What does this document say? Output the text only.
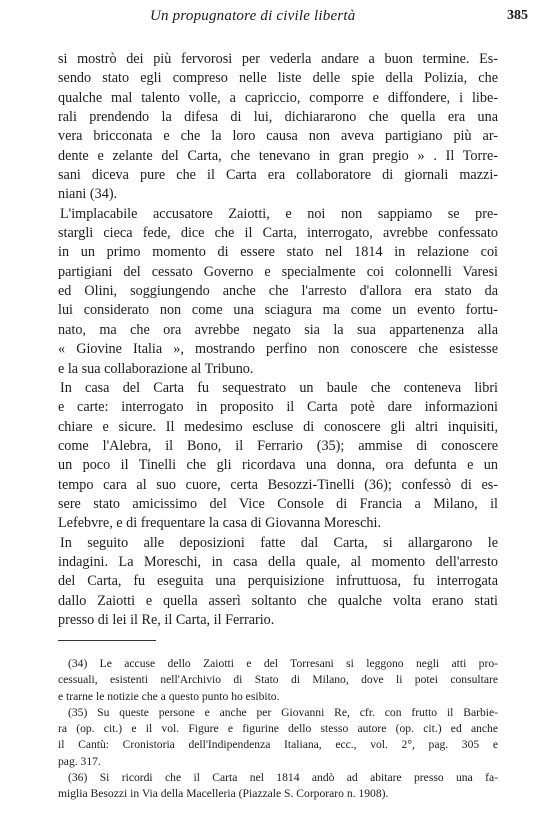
Un propugnatore di civile libertà	385
si mostrò dei più fervorosi per vederla andare a buon termine. Es-
sendo stato egli compreso nelle liste delle spie della Polizia, che
qualche mal talento volle, a capriccio, comporre e diffondere, i libe-
rali prendendo la difesa di lui, dichiararono che quella era una
vera bricconata e che la loro causa non aveva partigiano più ar-
dente e zelante del Carta, che tenevano in gran pregio » . Il Torre-
sani diceva pure che il Carta era collaboratore di giornali mazzi-
niani (34).
L'implacabile accusatore Zaiotti, e noi non sappiamo se pre-
stargli cieca fede, dice che il Carta, interrogato, avrebbe confessato
in un primo momento di essere stato nel 1814 in relazione coi
partigiani del cessato Governo e specialmente coi colonnelli Varesi
ed Olini, soggiungendo anche che l'arresto d'allora era stato da
lui considerato non come una sciagura ma come un evento fortu-
nato, ma che ora avrebbe negato sia la sua appartenenza alla
« Giovine Italia », mostrando perfino non conoscere che esistesse
e la sua collaborazione al Tribuno.
In casa del Carta fu sequestrato un baule che conteneva libri
e carte: interrogato in proposito il Carta potè dare informazioni
chiare e sicure. Il medesimo escluse di conoscere gli altri inquisiti,
come l'Alebra, il Bono, il Ferrario (35); ammise di conoscere
un poco il Tinelli che gli ricordava una donna, ora defunta e un
tempo cara al suo cuore, certa Besozzi-Tinelli (36); confessò di es-
sere stato amicissimo del Vice Console di Francia a Milano, il
Lefebvre, e di frequentare la casa di Giovanna Moreschi.
In seguito alle deposizioni fatte dal Carta, si allargarono le
indagini. La Moreschi, in casa della quale, al momento dell'arresto
del Carta, fu eseguita una perquisizione infruttuosa, fu interrogata
dallo Zaiotti e quella asserì soltanto che qualche volta erano stati
presso di lei il Re, il Carta, il Ferrario.
(34) Le accuse dello Zaiotti e del Torresani si leggono negli atti pro-
cessuali, esistenti nell'Archivio di Stato di Milano, dove li potei consultare
e trarne le notizie che a questo punto ho esibito.
(35) Su queste persone e anche per Giovanni Re, cfr. con frutto il Barbie-
ra (op. cit.) e il vol. Figure e figurine dello stesso autore (op. cit.) ed anche
il Cantù: Cronistoria dell'Indipendenza Italiana, ecc., vol. 2°, pag. 305 e
pag. 317.
(36) Si ricordi che il Carta nel 1814 andò ad abitare presso una fa-
miglia Besozzi in Via della Macelleria (Piazzale S. Corporaro n. 1908).
